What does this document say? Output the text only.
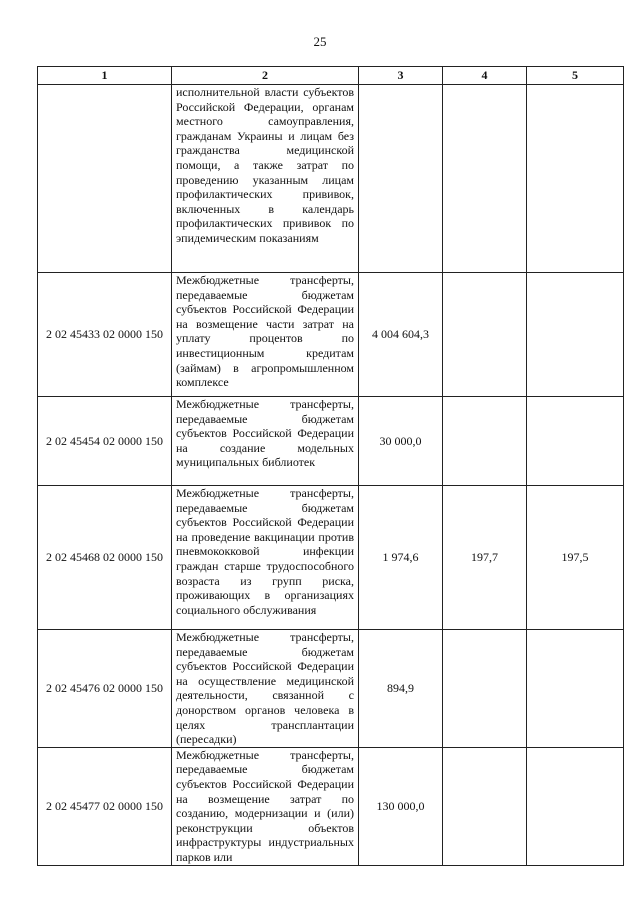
25
1	2	3	4	5
	исполнительной власти субъектов Российской Федерации, органам местного самоуправления, гражданам Украины и лицам без гражданства медицинской помощи, а также затрат по проведению указанным лицам профилактических прививок, включенных в календарь профилактических прививок по эпидемическим показаниям			
2 02 45433 02 0000 150	Межбюджетные трансферты, передаваемые бюджетам субъектов Российской Федерации на возмещение части затрат на уплату процентов по инвестиционным кредитам (займам) в агропромышленном комплексе	4 004 604,3		
2 02 45454 02 0000 150	Межбюджетные трансферты, передаваемые бюджетам субъектов Российской Федерации на создание модельных муниципальных библиотек	30 000,0		
2 02 45468 02 0000 150	Межбюджетные трансферты, передаваемые бюджетам субъектов Российской Федерации на проведение вакцинации против пневмококковой инфекции граждан старше трудоспособного возраста из групп риска, проживающих в организациях социального обслуживания	1 974,6	197,7	197,5
2 02 45476 02 0000 150	Межбюджетные трансферты, передаваемые бюджетам субъектов Российской Федерации на осуществление медицинской деятельности, связанной с донорством органов человека в целях трансплантации (пересадки)	894,9		
2 02 45477 02 0000 150	Межбюджетные трансферты, передаваемые бюджетам субъектов Российской Федерации на возмещение затрат по созданию, модернизации и (или) реконструкции объектов инфраструктуры индустриальных парков или	130 000,0		
